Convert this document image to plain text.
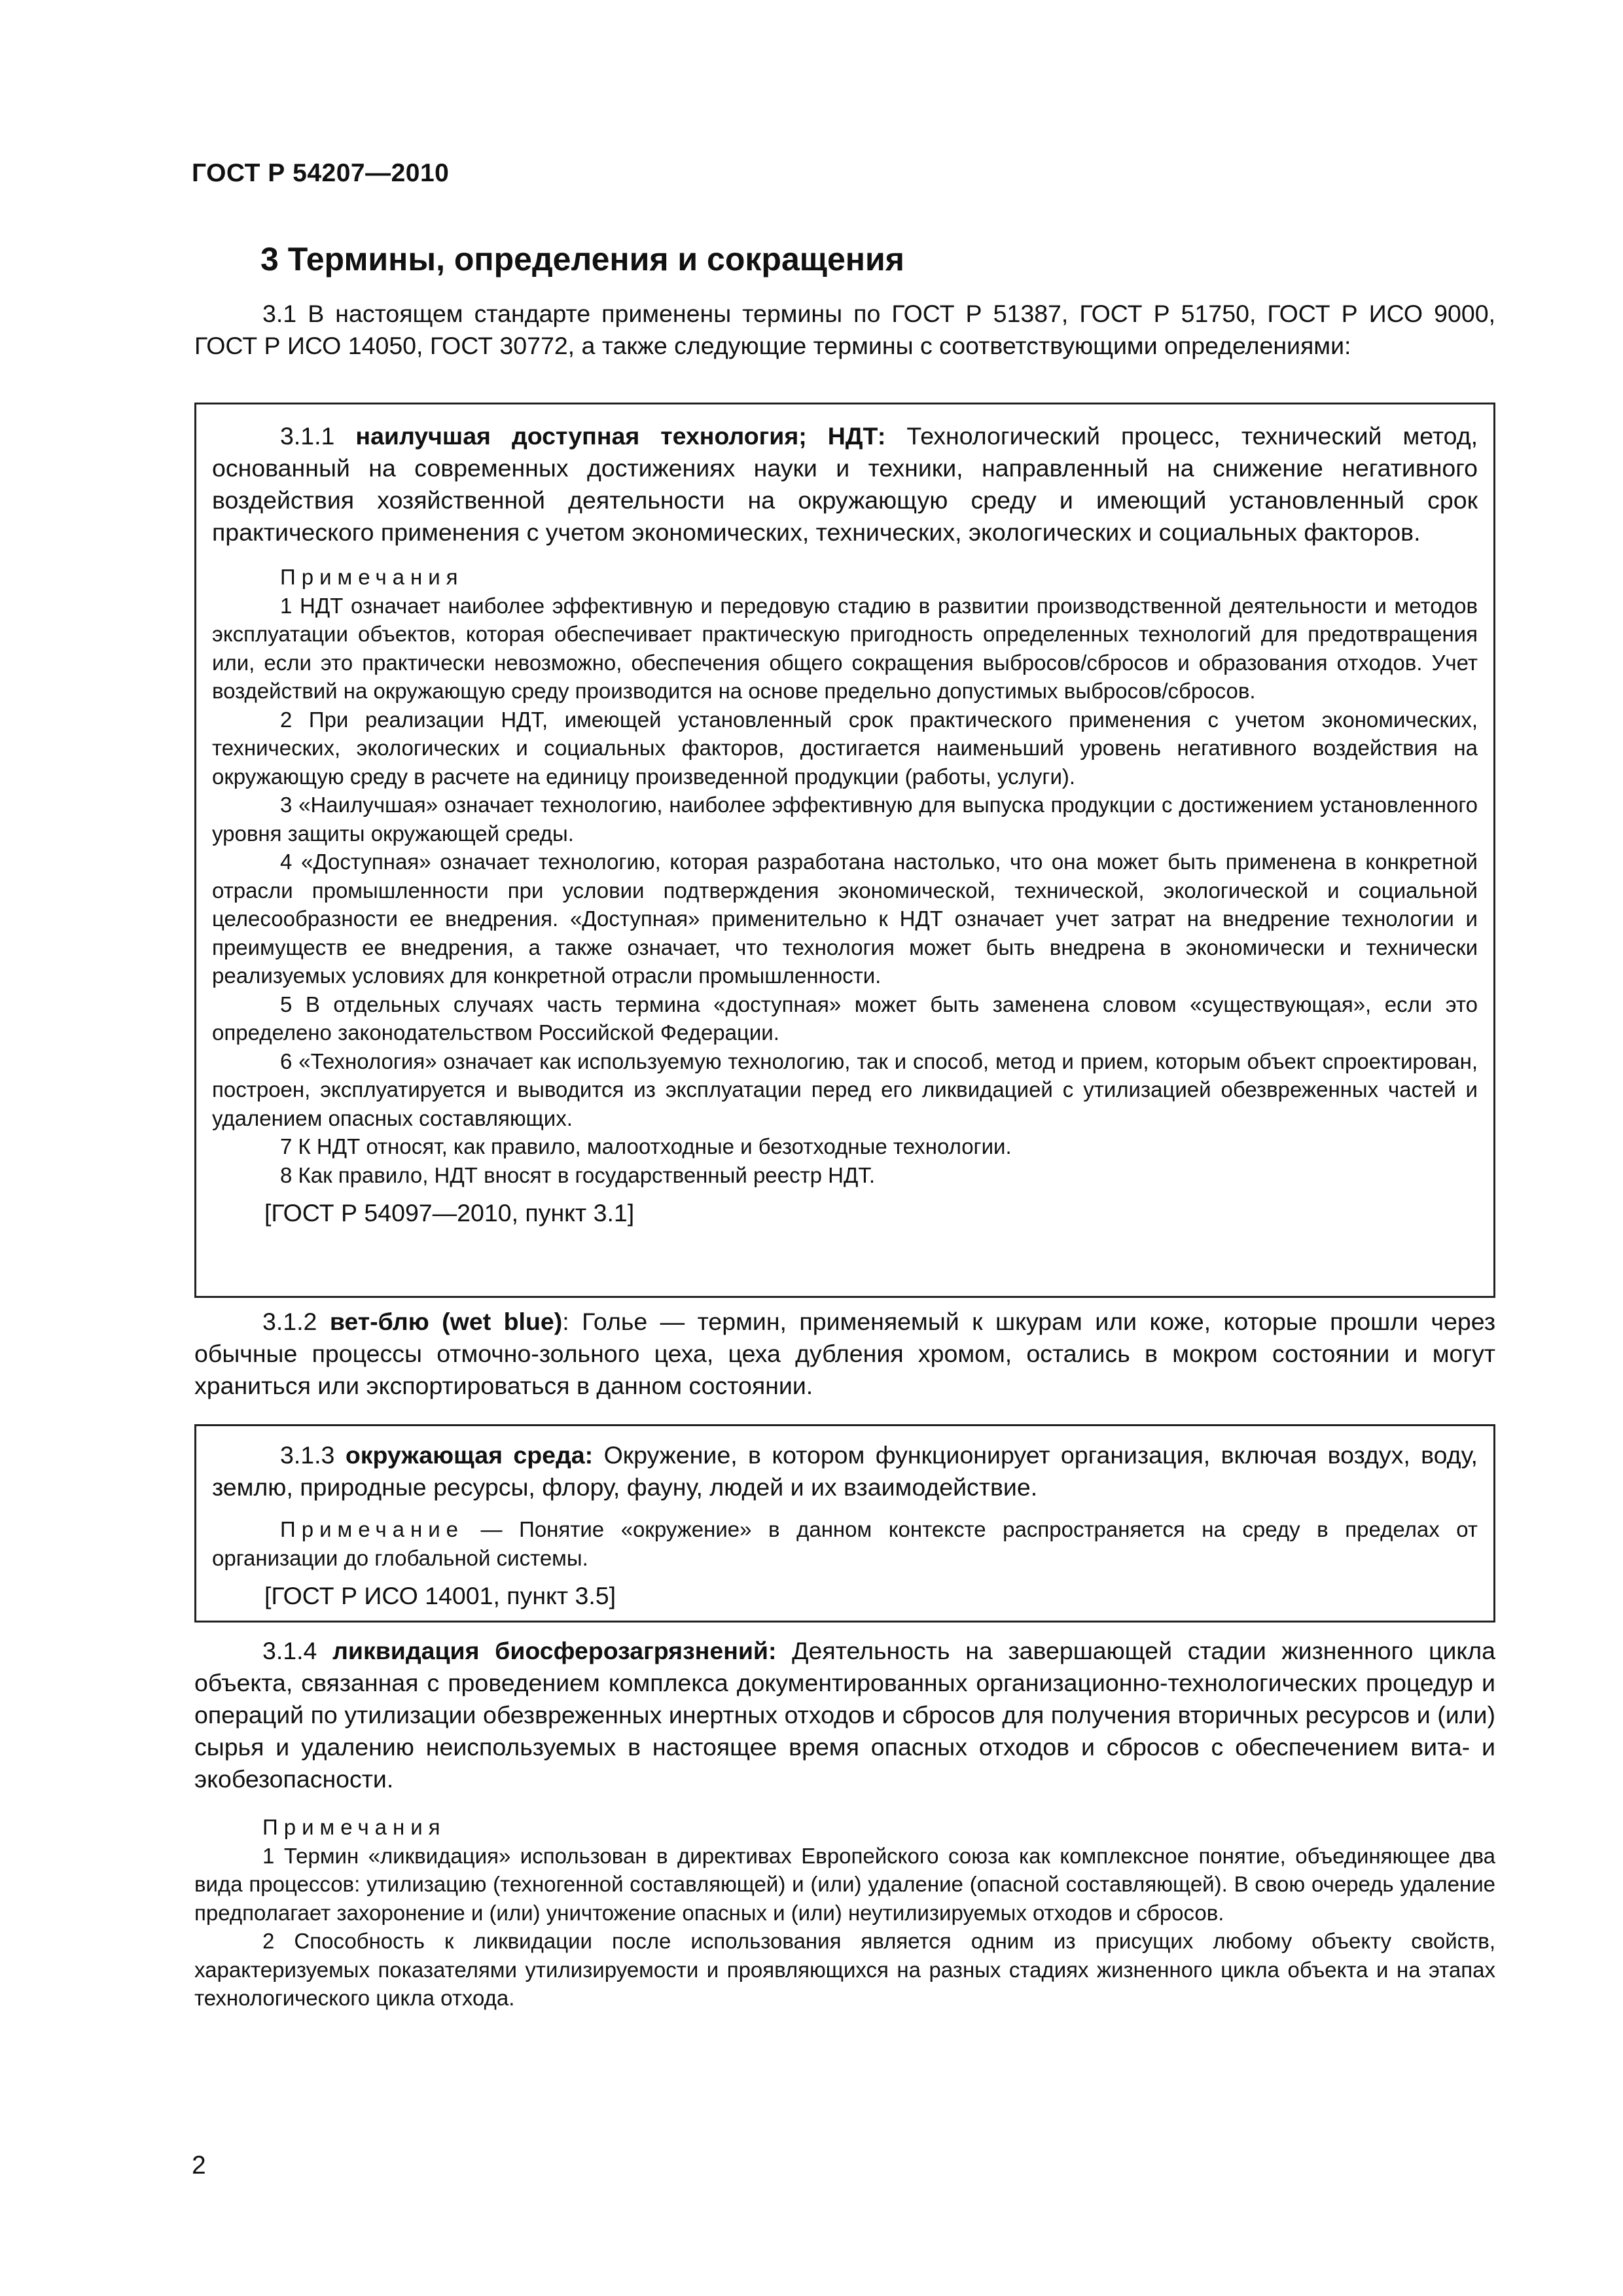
ГОСТ Р 54207—2010
3 Термины, определения и сокращения
3.1 В настоящем стандарте применены термины по ГОСТ Р 51387, ГОСТ Р 51750, ГОСТ Р ИСО 9000, ГОСТ Р ИСО 14050, ГОСТ 30772, а также следующие термины с соответствующими определениями:
3.1.1 наилучшая доступная технология; НДТ: Технологический процесс, технический метод, основанный на современных достижениях науки и техники, направленный на снижение негативного воздействия хозяйственной деятельности на окружающую среду и имеющий установленный срок практического применения с учетом экономических, технических, экологических и социальных факторов.
Примечания
1 НДТ означает наиболее эффективную и передовую стадию в развитии производственной деятельности и методов эксплуатации объектов, которая обеспечивает практическую пригодность определенных технологий для предотвращения или, если это практически невозможно, обеспечения общего сокращения выбросов/сбросов и образования отходов. Учет воздействий на окружающую среду производится на основе предельно допустимых выбросов/сбросов.
2 При реализации НДТ, имеющей установленный срок практического применения с учетом экономических, технических, экологических и социальных факторов, достигается наименьший уровень негативного воздействия на окружающую среду в расчете на единицу произведенной продукции (работы, услуги).
3 «Наилучшая» означает технологию, наиболее эффективную для выпуска продукции с достижением установленного уровня защиты окружающей среды.
4 «Доступная» означает технологию, которая разработана настолько, что она может быть применена в конкретной отрасли промышленности при условии подтверждения экономической, технической, экологической и социальной целесообразности ее внедрения. «Доступная» применительно к НДТ означает учет затрат на внедрение технологии и преимуществ ее внедрения, а также означает, что технология может быть внедрена в экономически и технически реализуемых условиях для конкретной отрасли промышленности.
5 В отдельных случаях часть термина «доступная» может быть заменена словом «существующая», если это определено законодательством Российской Федерации.
6 «Технология» означает как используемую технологию, так и способ, метод и прием, которым объект спроектирован, построен, эксплуатируется и выводится из эксплуатации перед его ликвидацией с утилизацией обезвреженных частей и удалением опасных составляющих.
7 К НДТ относят, как правило, малоотходные и безотходные технологии.
8 Как правило, НДТ вносят в государственный реестр НДТ.
[ГОСТ Р 54097—2010, пункт 3.1]
3.1.2 вет-блю (wet blue): Голье — термин, применяемый к шкурам или коже, которые прошли через обычные процессы отмочно-зольного цеха, цеха дубления хромом, остались в мокром состоянии и могут храниться или экспортироваться в данном состоянии.
3.1.3 окружающая среда: Окружение, в котором функционирует организация, включая воздух, воду, землю, природные ресурсы, флору, фауну, людей и их взаимодействие.
Примечание — Понятие «окружение» в данном контексте распространяется на среду в пределах от организации до глобальной системы.
[ГОСТ Р ИСО 14001, пункт 3.5]
3.1.4 ликвидация биосферозагрязнений: Деятельность на завершающей стадии жизненного цикла объекта, связанная с проведением комплекса документированных организационно-технологических процедур и операций по утилизации обезвреженных инертных отходов и сбросов для получения вторичных ресурсов и (или) сырья и удалению неиспользуемых в настоящее время опасных отходов и сбросов с обеспечением вита- и экобезопасности.
Примечания
1 Термин «ликвидация» использован в директивах Европейского союза как комплексное понятие, объединяющее два вида процессов: утилизацию (техногенной составляющей) и (или) удаление (опасной составляющей). В свою очередь удаление предполагает захоронение и (или) уничтожение опасных и (или) неутилизируемых отходов и сбросов.
2 Способность к ликвидации после использования является одним из присущих любому объекту свойств, характеризуемых показателями утилизируемости и проявляющихся на разных стадиях жизненного цикла объекта и на этапах технологического цикла отхода.
2
